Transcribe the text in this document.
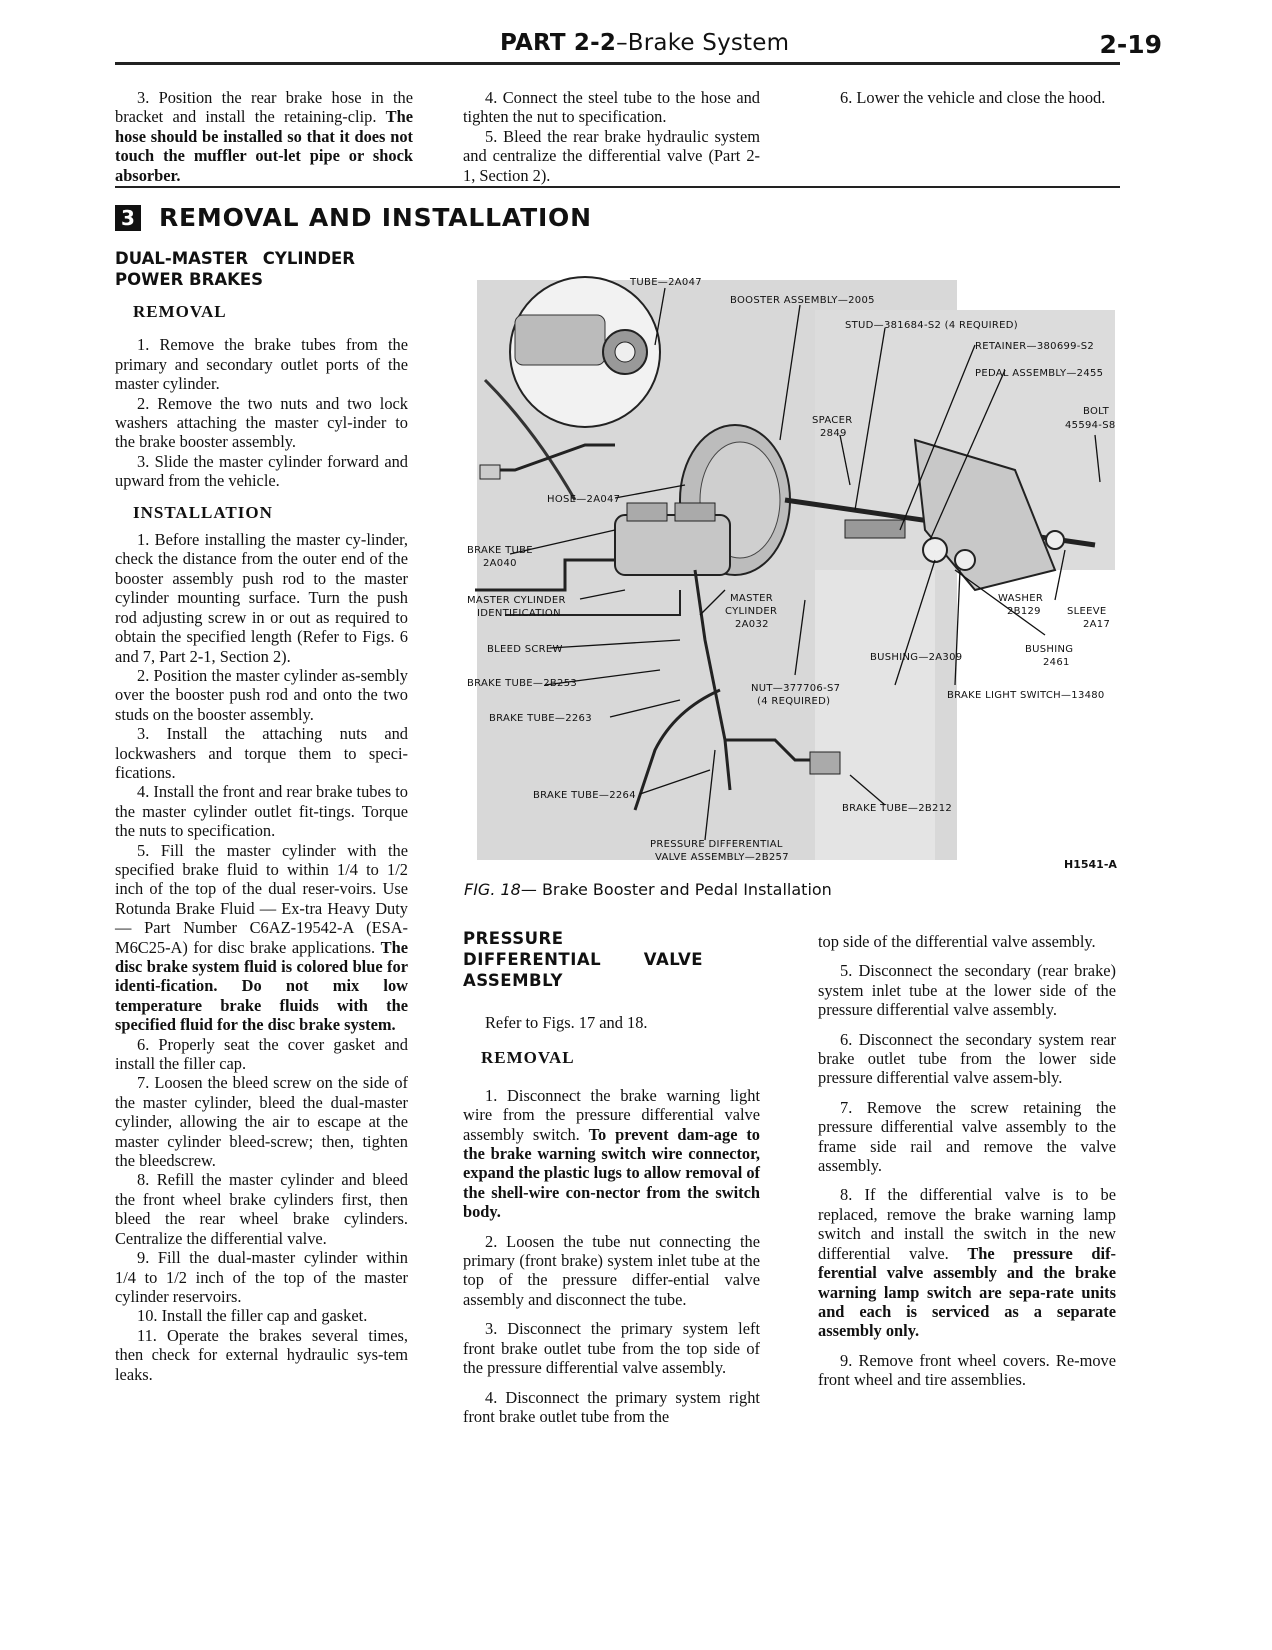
PART 2-2–Brake System	2-19

3. Position the rear brake hose in the bracket and install the retaining-clip. The hose should be installed so that it does not touch the muffler out-let pipe or shock absorber.

4. Connect the steel tube to the hose and tighten the nut to specification.

5. Bleed the rear brake hydraulic system and centralize the differential valve (Part 2-1, Section 2).

6. Lower the vehicle and close the hood.

3 REMOVAL AND INSTALLATION
DUAL-MASTER CYLINDER POWER BRAKES
REMOVAL

1. Remove the brake tubes from the primary and secondary outlet ports of the master cylinder.

2. Remove the two nuts and two lock washers attaching the master cyl-inder to the brake booster assembly.

3. Slide the master cylinder forward and upward from the vehicle.

INSTALLATION

1. Before installing the master cy-linder, check the distance from the outer end of the booster assembly push rod to the master cylinder mounting surface. Turn the push rod adjusting screw in or out as required to obtain the specified length (Refer to Figs. 6 and 7, Part 2-1, Section 2).

2. Position the master cylinder as-sembly over the booster push rod and onto the two studs on the booster assembly.

3. Install the attaching nuts and lockwashers and torque them to speci-fications.

4. Install the front and rear brake tubes to the master cylinder outlet fit-tings. Torque the nuts to specification.

5. Fill the master cylinder with the specified brake fluid to within 1/4 to 1/2 inch of the top of the dual reser-voirs. Use Rotunda Brake Fluid — Ex-tra Heavy Duty — Part Number C6AZ-19542-A (ESA-M6C25-A) for disc brake applications. The disc brake system fluid is colored blue for identi-fication. Do not mix low temperature brake fluids with the specified fluid for the disc brake system.

6. Properly seat the cover gasket and install the filler cap.

7. Loosen the bleed screw on the side of the master cylinder, bleed the dual-master cylinder, allowing the air to escape at the master cylinder bleed-screw; then, tighten the bleedscrew.

8. Refill the master cylinder and bleed the front wheel brake cylinders first, then bleed the rear wheel brake cylinders. Centralize the differential valve.

9. Fill the dual-master cylinder within 1/4 to 1/2 inch of the top of the master cylinder reservoirs.

10. Install the filler cap and gasket.

11. Operate the brakes several times, then check for external hydraulic sys-tem leaks.

TUBE—2A047
BOOSTER ASSEMBLY—2005
STUD—381684-S2 (4 REQUIRED)
RETAINER—380699-S2
PEDAL ASSEMBLY—2455
BOLT
45594-S8
SPACER
2849
HOSE—2A047
BRAKE TUBE
2A040
MASTER CYLINDER
IDENTIFICATION
MASTER
CYLINDER
2A032
BLEED SCREW
WASHER
2B129	SLEEVE
2A17
BUSHING—2A309
BUSHING
2461
BRAKE TUBE—2B253	NUT—377706-S7
(4 REQUIRED)
BRAKE LIGHT SWITCH—13480
BRAKE TUBE—2263
BRAKE TUBE—2264
BRAKE TUBE—2B212
PRESSURE DIFFERENTIAL
VALVE ASSEMBLY—2B257
H1541-A
FIG. 18— Brake Booster and Pedal Installation
PRESSURE DIFFERENTIAL VALVE ASSEMBLY

Refer to Figs. 17 and 18.

REMOVAL

1. Disconnect the brake warning light wire from the pressure differential valve assembly switch. To prevent dam-age to the brake warning switch wire connector, expand the plastic lugs to allow removal of the shell-wire con-nector from the switch body.

2. Loosen the tube nut connecting the primary (front brake) system inlet tube at the top of the pressure differ-ential valve assembly and disconnect the tube.

3. Disconnect the primary system left front brake outlet tube from the top side of the pressure differential valve assembly.

4. Disconnect the primary system right front brake outlet tube from the

top side of the differential valve assembly.

5. Disconnect the secondary (rear brake) system inlet tube at the lower side of the pressure differential valve assembly.

6. Disconnect the secondary system rear brake outlet tube from the lower side pressure differential valve assem-bly.

7. Remove the screw retaining the pressure differential valve assembly to the frame side rail and remove the valve assembly.

8. If the differential valve is to be replaced, remove the brake warning lamp switch and install the switch in the new differential valve. The pressure dif-ferential valve assembly and the brake warning lamp switch are sepa-rate units and each is serviced as a separate assembly only.

9. Remove front wheel covers. Re-move front wheel and tire assemblies.
